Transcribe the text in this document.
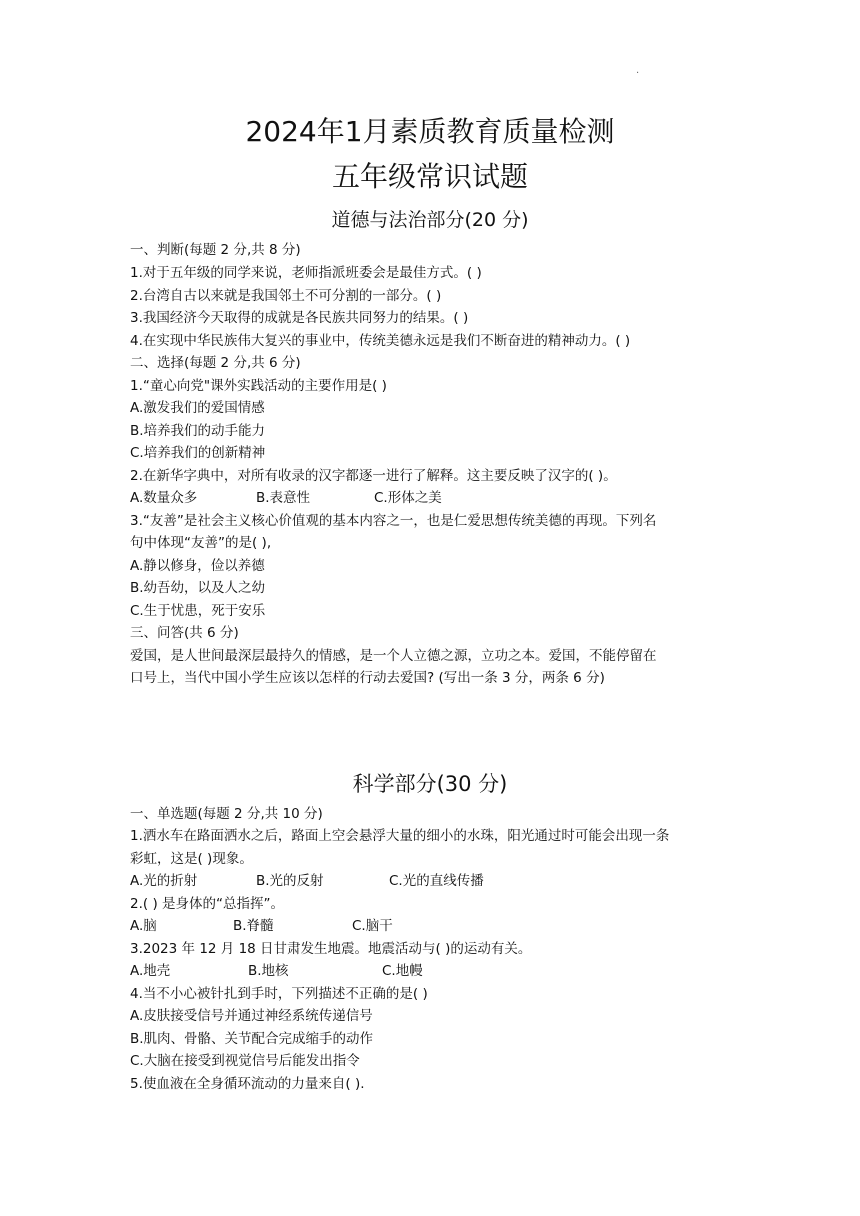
·
2024年1月素质教育质量检测
五年级常识试题
道德与法治部分(20 分)
一、判断(每题 2 分,共 8 分)
1.对于五年级的同学来说，老师指派班委会是最佳方式。( )
2.台湾自古以来就是我国邻土不可分割的一部分。( )
3.我国经济今天取得的成就是各民族共同努力的结果。( )
4.在实现中华民族伟大复兴的事业中，传统美德永远是我们不断奋进的精神动力。( )
二、选择(每题 2 分,共 6 分)
1.“童心向党"课外实践活动的主要作用是( )
A.激发我们的爱国情感
B.培养我们的动手能力
C.培养我们的创新精神
2.在新华字典中，对所有收录的汉字都逐一进行了解释。这主要反映了汉字的( )。
A.数量众多	B.表意性	C.形体之美
3.“友善”是社会主义核心价值观的基本内容之一，也是仁爱思想传统美德的再现。下列名
句中体现“友善”的是( ),
A.静以修身，俭以养德
B.幼吾幼，以及人之幼
C.生于忧患，死于安乐
三、问答(共 6 分)
爱国，是人世间最深层最持久的情感，是一个人立德之源，立功之本。爱国，不能停留在
口号上，当代中国小学生应该以怎样的行动去爱国? (写出一条 3 分，两条 6 分)
科学部分(30 分)
一、单选题(每题 2 分,共 10 分)
1.洒水车在路面洒水之后，路面上空会悬浮大量的细小的水珠，阳光通过时可能会出现一条
彩虹，这是( )现象。
A.光的折射	B.光的反射	C.光的直线传播
2.( ) 是身体的“总指挥”。
A.脑	B.脊髓	C.脑干
3.2023 年 12 月 18 日甘肃发生地震。地震活动与( )的运动有关。
A.地壳	B.地核	C.地幔
4.当不小心被针扎到手时，下列描述不正确的是( )
A.皮肤接受信号并通过神经系统传递信号
B.肌肉、骨骼、关节配合完成缩手的动作
C.大脑在接受到视觉信号后能发出指令
5.使血液在全身循环流动的力量来自( ).
